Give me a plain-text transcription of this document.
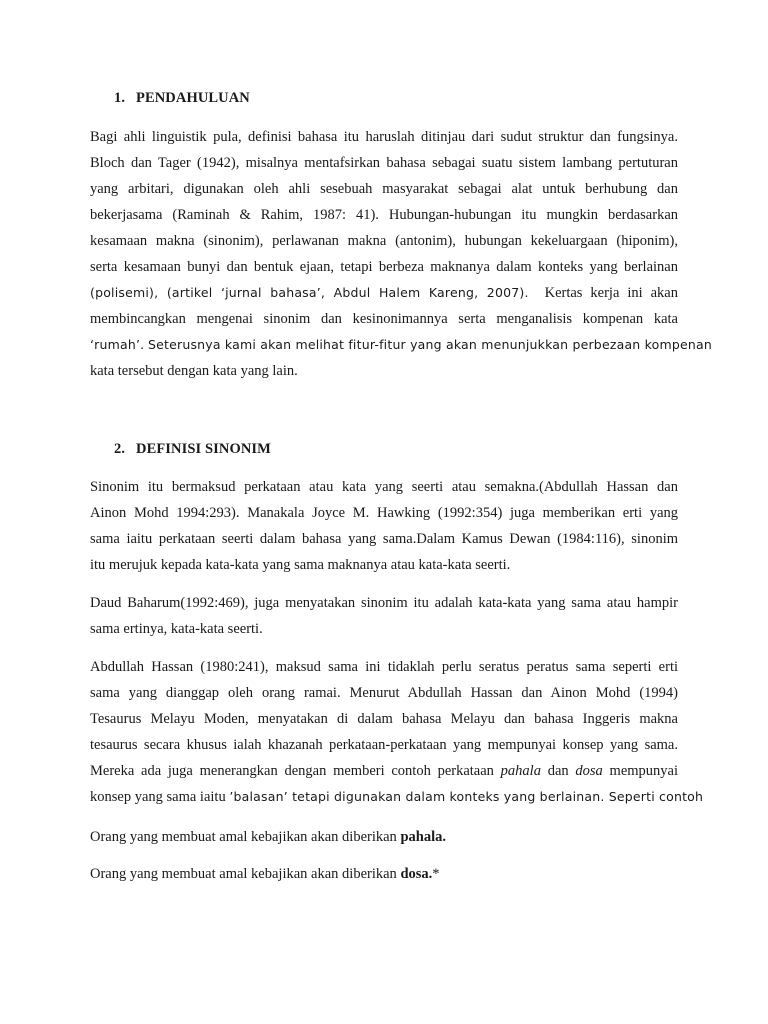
1. PENDAHULUAN
Bagi ahli linguistik pula, definisi bahasa itu haruslah ditinjau dari sudut struktur dan fungsinya.
Bloch dan Tager (1942), misalnya mentafsirkan bahasa sebagai suatu sistem lambang pertuturan
yang arbitari, digunakan oleh ahli sesebuah masyarakat sebagai alat untuk berhubung dan
bekerjasama (Raminah & Rahim, 1987: 41). Hubungan-hubungan itu mungkin berdasarkan
kesamaan makna (sinonim), perlawanan makna (antonim), hubungan kekeluargaan (hiponim),
serta kesamaan bunyi dan bentuk ejaan, tetapi berbeza maknanya dalam konteks yang berlainan
(polisemi), (artikel ‘jurnal bahasa’, Abdul Halem Kareng, 2007). Kertas kerja ini akan
membincangkan mengenai sinonim dan kesinonimannya serta menganalisis kompenan kata
‘rumah’. Seterusnya kami akan melihat fitur-fitur yang akan menunjukkan perbezaan kompenan
kata tersebut dengan kata yang lain.
2. DEFINISI SINONIM
Sinonim itu bermaksud perkataan atau kata yang seerti atau semakna.(Abdullah Hassan dan
Ainon Mohd 1994:293). Manakala Joyce M. Hawking (1992:354) juga memberikan erti yang
sama iaitu perkataan seerti dalam bahasa yang sama.Dalam Kamus Dewan (1984:116), sinonim
itu merujuk kepada kata-kata yang sama maknanya atau kata-kata seerti.
Daud Baharum(1992:469), juga menyatakan sinonim itu adalah kata-kata yang sama atau hampir
sama ertinya, kata-kata seerti.
Abdullah Hassan (1980:241), maksud sama ini tidaklah perlu seratus peratus sama seperti erti
sama yang dianggap oleh orang ramai. Menurut Abdullah Hassan dan Ainon Mohd (1994)
Tesaurus Melayu Moden, menyatakan di dalam bahasa Melayu dan bahasa Inggeris makna
tesaurus secara khusus ialah khazanah perkataan-perkataan yang mempunyai konsep yang sama.
Mereka ada juga menerangkan dengan memberi contoh perkataan pahala dan dosa mempunyai
konsep yang sama iaitu ’balasan’ tetapi digunakan dalam konteks yang berlainan. Seperti contoh
Orang yang membuat amal kebajikan akan diberikan pahala.
Orang yang membuat amal kebajikan akan diberikan dosa.*
